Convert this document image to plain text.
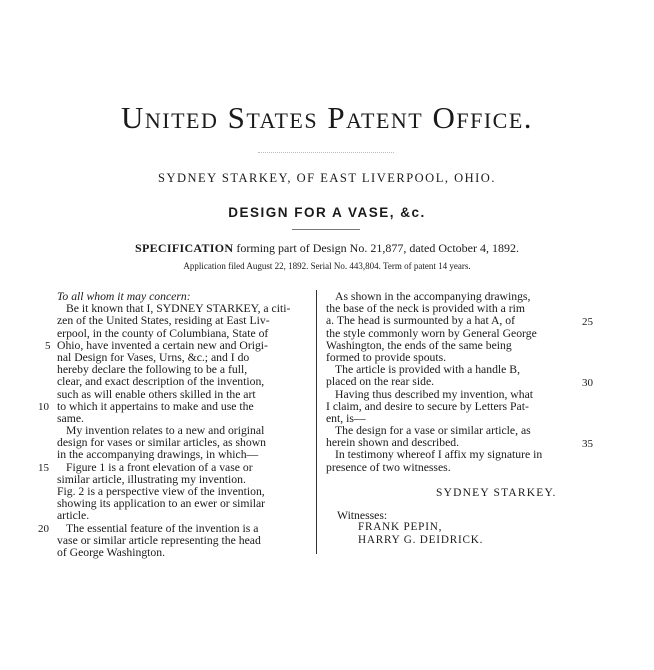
United States Patent Office.
SYDNEY STARKEY, OF EAST LIVERPOOL, OHIO.
DESIGN FOR A VASE, &c.
SPECIFICATION forming part of Design No. 21,877, dated October 4, 1892.
Application filed August 22, 1892. Serial No. 443,804. Term of patent 14 years.
To all whom it may concern:
Be it known that I, SYDNEY STARKEY, a citi-
zen of the United States, residing at East Liv-
erpool, in the county of Columbiana, State of
Ohio, have invented a certain new and Origi-
nal Design for Vases, Urns, &c.; and I do
hereby declare the following to be a full,
clear, and exact description of the invention,
such as will enable others skilled in the art
to which it appertains to make and use the
same.
My invention relates to a new and original
design for vases or similar articles, as shown
in the accompanying drawings, in which—
Figure 1 is a front elevation of a vase or
similar article, illustrating my invention.
Fig. 2 is a perspective view of the invention,
showing its application to an ewer or similar
article.
The essential feature of the invention is a
vase or similar article representing the head
of George Washington.
5
10
15
20
As shown in the accompanying drawings,
the base of the neck is provided with a rim
a. The head is surmounted by a hat A, of
the style commonly worn by General George
Washington, the ends of the same being
formed to provide spouts.
The article is provided with a handle B,
placed on the rear side.
Having thus described my invention, what
I claim, and desire to secure by Letters Pat-
ent, is—
The design for a vase or similar article, as
herein shown and described.
In testimony whereof I affix my signature in
presence of two witnesses.
25
30
35
SYDNEY STARKEY.
Witnesses:
FRANK PEPIN,
HARRY G. DEIDRICK.
